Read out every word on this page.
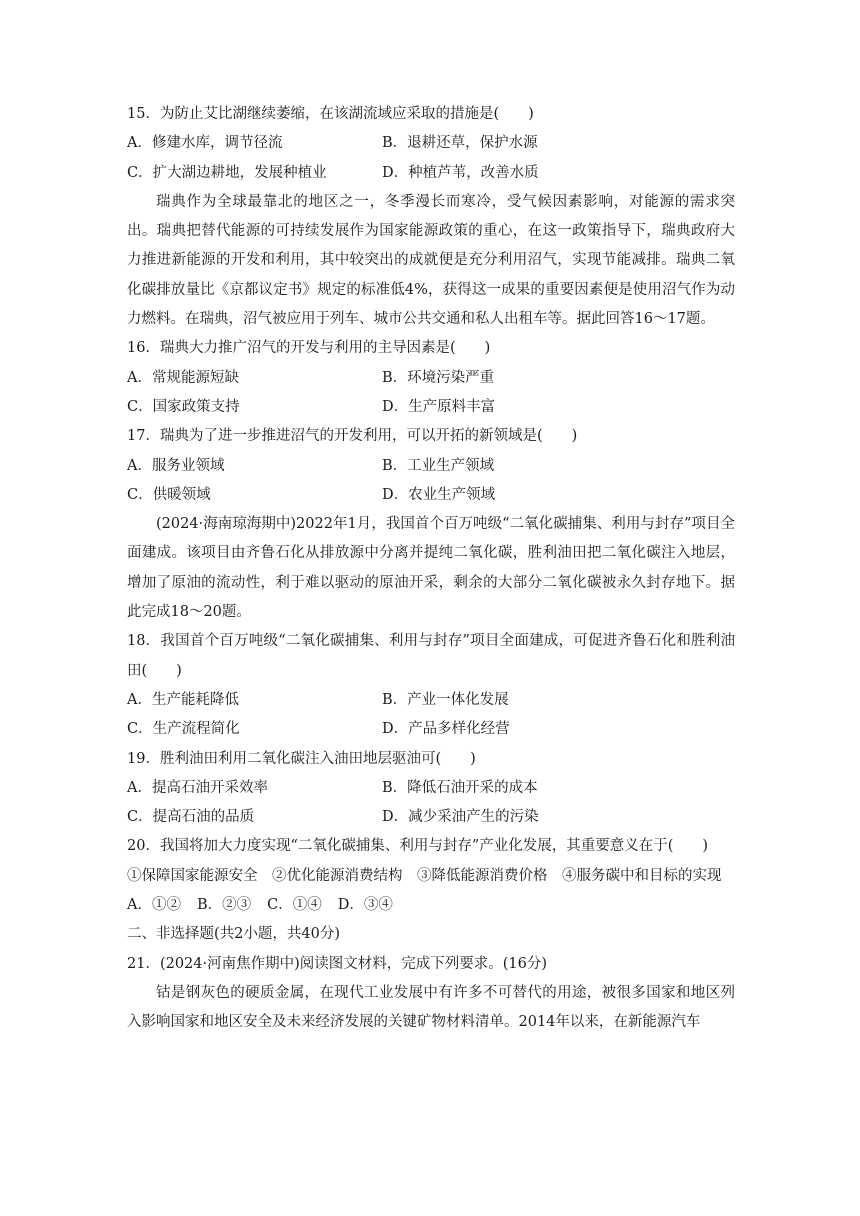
15．为防止艾比湖继续萎缩，在该湖流域应采取的措施是(　　)
A．修建水库，调节径流	B．退耕还草，保护水源
C．扩大湖边耕地，发展种植业	D．种植芦苇，改善水质
瑞典作为全球最靠北的地区之一，冬季漫长而寒冷，受气候因素影响，对能源的需求突出。瑞典把替代能源的可持续发展作为国家能源政策的重心，在这一政策指导下，瑞典政府大力推进新能源的开发和利用，其中较突出的成就便是充分利用沼气，实现节能减排。瑞典二氧化碳排放量比《京都议定书》规定的标准低4%，获得这一成果的重要因素便是使用沼气作为动力燃料。在瑞典，沼气被应用于列车、城市公共交通和私人出租车等。据此回答16～17题。
16．瑞典大力推广沼气的开发与利用的主导因素是(　　)
A．常规能源短缺	B．环境污染严重
C．国家政策支持	D．生产原料丰富
17．瑞典为了进一步推进沼气的开发利用，可以开拓的新领域是(　　)
A．服务业领域	B．工业生产领域
C．供暖领域	D．农业生产领域
(2024·海南琼海期中)2022年1月，我国首个百万吨级“二氧化碳捕集、利用与封存”项目全面建成。该项目由齐鲁石化从排放源中分离并提纯二氧化碳，胜利油田把二氧化碳注入地层，增加了原油的流动性，利于难以驱动的原油开采，剩余的大部分二氧化碳被永久封存地下。据此完成18～20题。
18．我国首个百万吨级“二氧化碳捕集、利用与封存”项目全面建成，可促进齐鲁石化和胜利油田(　　)
A．生产能耗降低	B．产业一体化发展
C．生产流程简化	D．产品多样化经营
19．胜利油田利用二氧化碳注入油田地层驱油可(　　)
A．提高石油开采效率	B．降低石油开采的成本
C．提高石油的品质	D．减少采油产生的污染
20．我国将加大力度实现“二氧化碳捕集、利用与封存”产业化发展，其重要意义在于(　　)
①保障国家能源安全　②优化能源消费结构　③降低能源消费价格　④服务碳中和目标的实现
A．①② B．②③ C．①④ D．③④
二、非选择题(共2小题，共40分)
21．(2024·河南焦作期中)阅读图文材料，完成下列要求。(16分)
钴是钢灰色的硬质金属，在现代工业发展中有许多不可替代的用途，被很多国家和地区列入影响国家和地区安全及未来经济发展的关键矿物材料清单。2014年以来，在新能源汽车
